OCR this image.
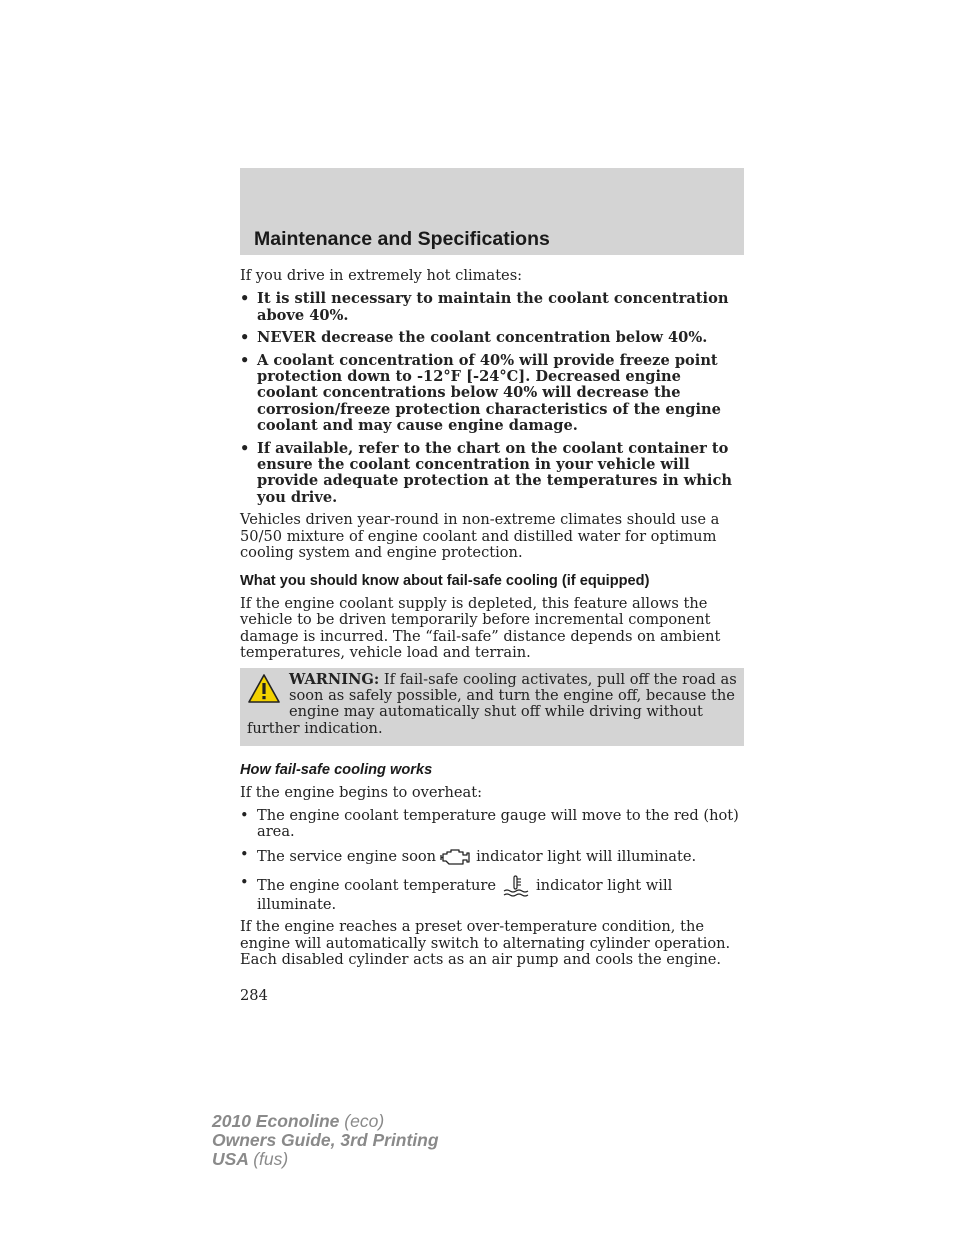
Maintenance and Specifications

If you drive in extremely hot climates:

• It is still necessary to maintain the coolant concentration above 40%.
• NEVER decrease the coolant concentration below 40%.
• A coolant concentration of 40% will provide freeze point protection down to -12°F [-24°C]. Decreased engine coolant concentrations below 40% will decrease the corrosion/freeze protection characteristics of the engine coolant and may cause engine damage.
• If available, refer to the chart on the coolant container to ensure the coolant concentration in your vehicle will provide adequate protection at the temperatures in which you drive.

Vehicles driven year-round in non-extreme climates should use a 50/50 mixture of engine coolant and distilled water for optimum cooling system and engine protection.

What you should know about fail-safe cooling (if equipped)

If the engine coolant supply is depleted, this feature allows the vehicle to be driven temporarily before incremental component damage is incurred. The “fail-safe” distance depends on ambient temperatures, vehicle load and terrain.

WARNING: If fail-safe cooling activates, pull off the road as soon as safely possible, and turn the engine off, because the engine may automatically shut off while driving without further indication.
How fail-safe cooling works

If the engine begins to overheat:

• The engine coolant temperature gauge will move to the red (hot) area.
• The service engine soon	indicator light will illuminate.
• The engine coolant temperature	indicator light will illuminate.

If the engine reaches a preset over-temperature condition, the engine will automatically switch to alternating cylinder operation. Each disabled cylinder acts as an air pump and cools the engine.

284

2010 Econoline (eco)
Owners Guide, 3rd Printing
USA (fus)
